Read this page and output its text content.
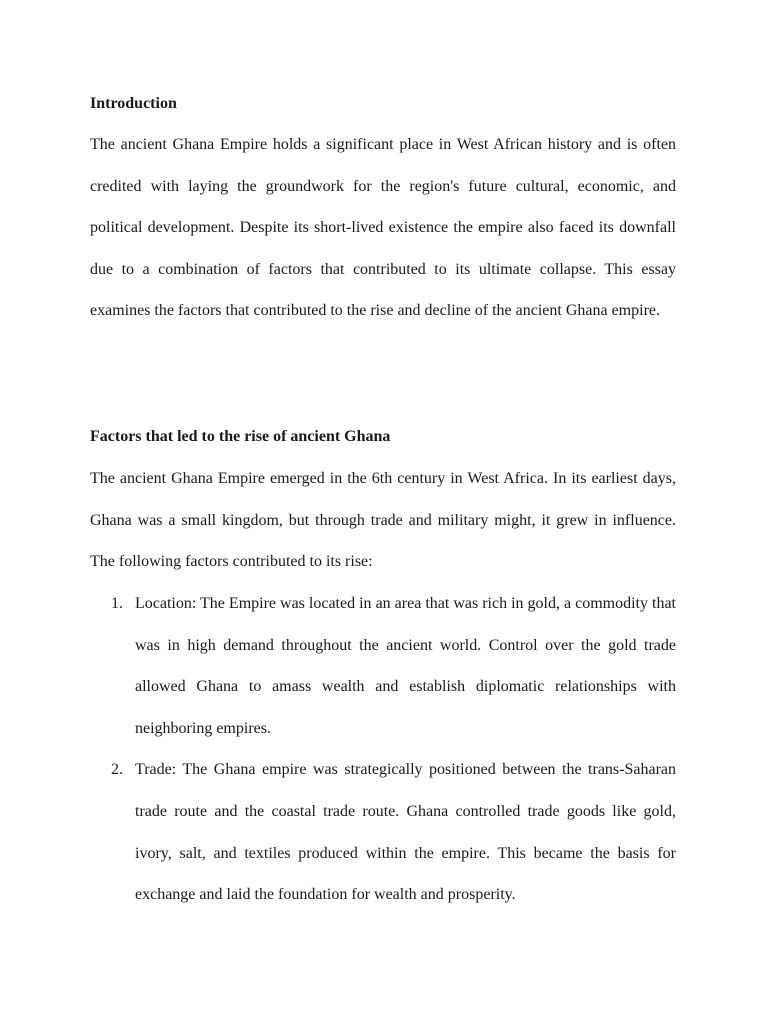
Introduction

The ancient Ghana Empire holds a significant place in West African history and is often credited with laying the groundwork for the region's future cultural, economic, and political development. Despite its short-lived existence the empire also faced its downfall due to a combination of factors that contributed to its ultimate collapse. This essay examines the factors that contributed to the rise and decline of the ancient Ghana empire.

Factors that led to the rise of ancient Ghana

The ancient Ghana Empire emerged in the 6th century in West Africa. In its earliest days, Ghana was a small kingdom, but through trade and military might, it grew in influence. The following factors contributed to its rise:

1. Location: The Empire was located in an area that was rich in gold, a commodity that was in high demand throughout the ancient world. Control over the gold trade allowed Ghana to amass wealth and establish diplomatic relationships with neighboring empires.
2. Trade: The Ghana empire was strategically positioned between the trans-Saharan trade route and the coastal trade route. Ghana controlled trade goods like gold, ivory, salt, and textiles produced within the empire. This became the basis for exchange and laid the foundation for wealth and prosperity.
